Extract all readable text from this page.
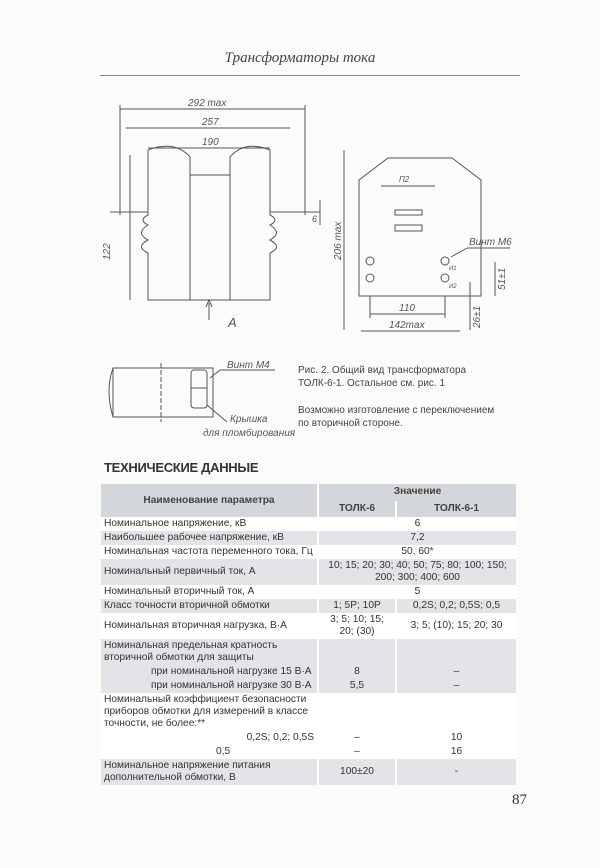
Трансформаторы тока
292 max
257
190
6
206 max
122
A
П2
Винт М6
И1
И2	51±1
26±1
110
142max
Винт М4
Крышка
для пломбирования
Рис. 2. Общий вид трансформатора ТОЛК-6-1. Остальное см. рис. 1
Возможно изготовление с переключением по вторичной стороне.
ТЕХНИЧЕСКИЕ ДАННЫЕ
Наименование параметра	Значение	
	ТОЛК-6	ТОЛК-6-1
Номинальное напряжение, кВ	6	
Наибольшее рабочее напряжение, кВ	7,2	
Номинальная частота переменного тока, Гц	50, 60*	
Номинальный первичный ток, А	10; 15; 20; 30; 40; 50; 75; 80; 100; 150; 200; 300; 400; 600	
Номинальный вторичный ток, А	5	
Класс точности вторичной обмотки	1; 5P; 10P	0,2S; 0,2; 0,5S; 0,5
Номинальная вторичная нагрузка, В·А	3; 5; 10; 15; 20; (30)	3; 5; (10); 15; 20; 30
Номинальная предельная кратность вторичной обмотки для защиты		
при номинальной нагрузке 15 В·А	8	–
при номинальной нагрузке 30 В·А	5,5	–
Номинальный коэффициент безопасности приборов обмотки для измерений в классе точности, не более:**		
0,2S; 0,2; 0,5S	–	10
0,5	–	16
Номинальное напряжение питания дополнительной обмотки, В	100±20	-
87
